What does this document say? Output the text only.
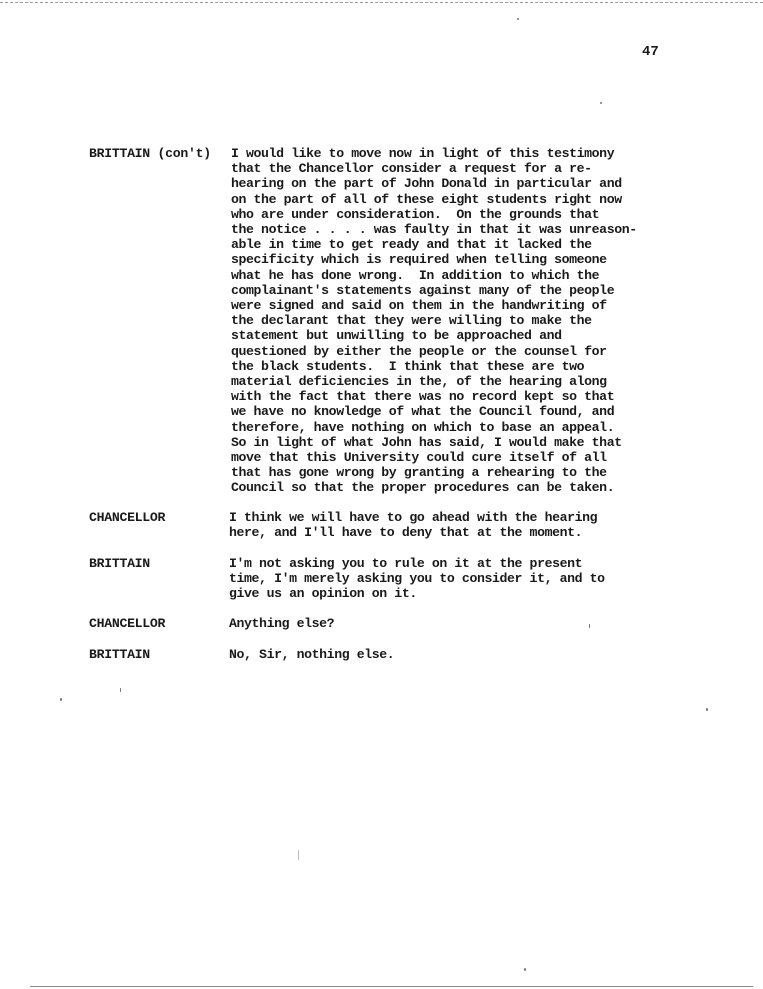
47
BRITTAIN (con't) I would like to move now in light of this testimony
that the Chancellor consider a request for a re-
hearing on the part of John Donald in particular and
on the part of all of these eight students right now
who are under consideration.  On the grounds that
the notice . . . . was faulty in that it was unreason-
able in time to get ready and that it lacked the
specificity which is required when telling someone
what he has done wrong.  In addition to which the
complainant's statements against many of the people
were signed and said on them in the handwriting of
the declarant that they were willing to make the
statement but unwilling to be approached and
questioned by either the people or the counsel for
the black students.  I think that these are two
material deficiencies in the, of the hearing along
with the fact that there was no record kept so that
we have no knowledge of what the Council found, and
therefore, have nothing on which to base an appeal.
So in light of what John has said, I would make that
move that this University could cure itself of all
that has gone wrong by granting a rehearing to the
Council so that the proper procedures can be taken.
CHANCELLOR	I think we will have to go ahead with the hearing
here, and I'll have to deny that at the moment.
BRITTAIN	I'm not asking you to rule on it at the present
time, I'm merely asking you to consider it, and to
give us an opinion on it.
CHANCELLOR	Anything else?
BRITTAIN	No, Sir, nothing else.
